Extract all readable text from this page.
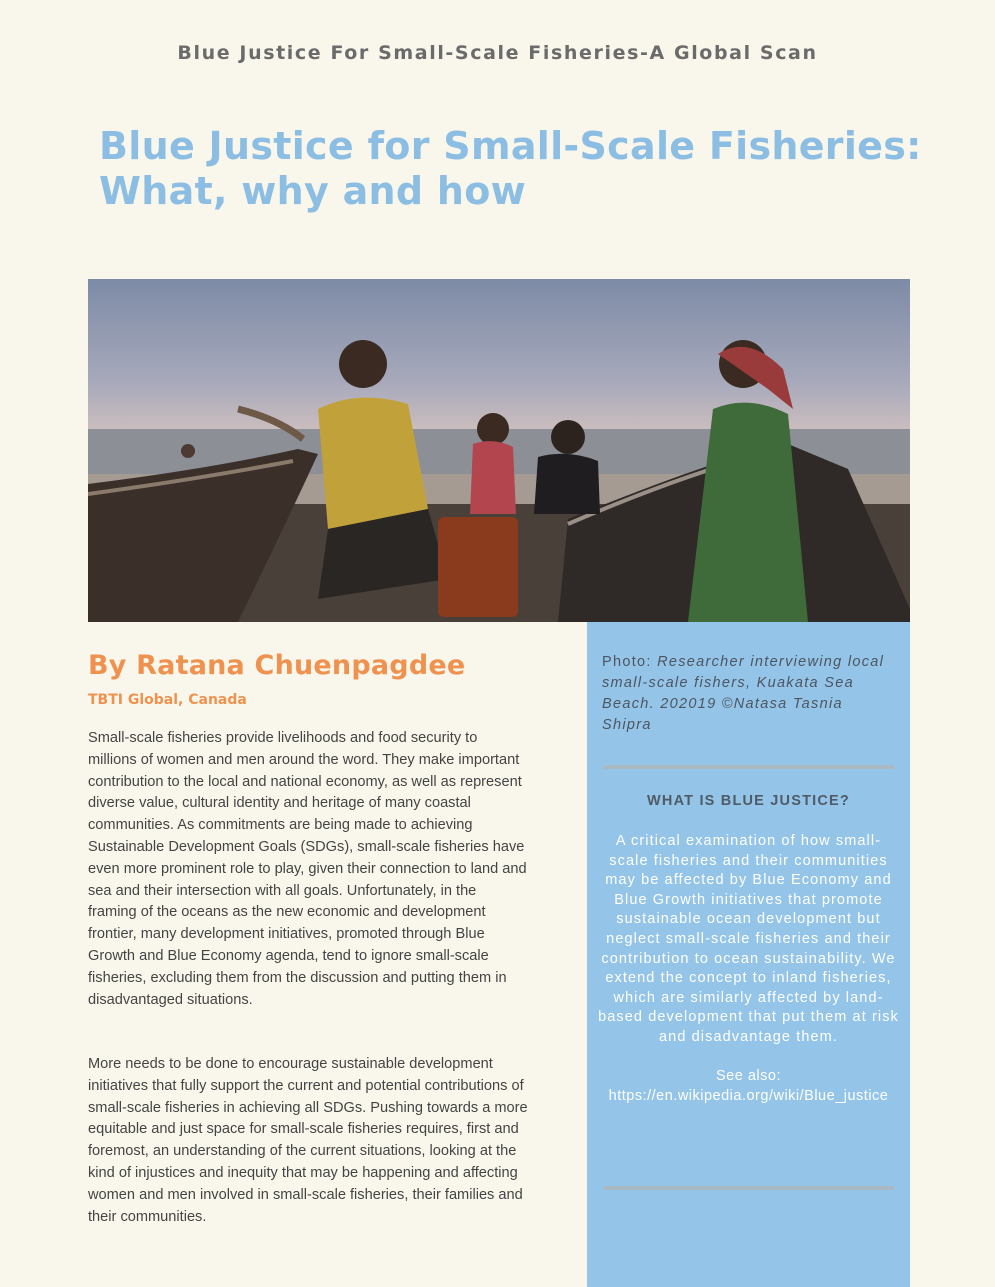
Blue Justice For Small-Scale Fisheries-A Global Scan
Blue Justice for Small-Scale Fisheries:
What, why and how
By Ratana Chuenpagdee
TBTI Global, Canada

Small-scale fisheries provide livelihoods and food security to millions of women and men around the word. They make important contribution to the local and national economy, as well as represent diverse value, cultural identity and heritage of many coastal communities. As commitments are being made to achieving Sustainable Development Goals (SDGs), small-scale fisheries have even more prominent role to play, given their connection to land and sea and their intersection with all goals. Unfortunately, in the framing of the oceans as the new economic and development frontier, many development initiatives, promoted through Blue Growth and Blue Economy agenda, tend to ignore small-scale fisheries, excluding them from the discussion and putting them in disadvantaged situations.

More needs to be done to encourage sustainable development initiatives that fully support the current and potential contributions of small-scale fisheries in achieving all SDGs. Pushing towards a more equitable and just space for small-scale fisheries requires, first and foremost, an understanding of the current situations, looking at the kind of injustices and inequity that may be happening and affecting women and men involved in small-scale fisheries, their families and their communities.

Photo: Researcher interviewing local small-scale fishers, Kuakata Sea Beach. 202019 ©Natasa Tasnia Shipra

WHAT IS BLUE JUSTICE?

A critical examination of how small-scale fisheries and their communities may be affected by Blue Economy and Blue Growth initiatives that promote sustainable ocean development but neglect small-scale fisheries and their contribution to ocean sustainability. We extend the concept to inland fisheries, which are similarly affected by land-based development that put them at risk and disadvantage them.

See also:
https://en.wikipedia.org/wiki/Blue_justice
